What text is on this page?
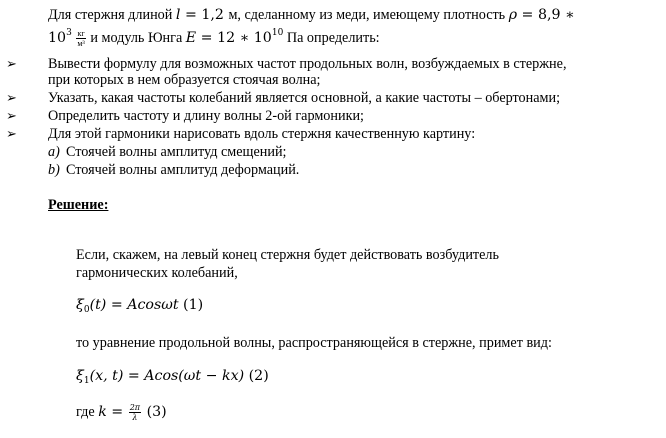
Для стержня длиной l = 1,2 м, сделанному из меди, имеющему плотность ρ = 8,9 ∗
$10^3 \frac{кг}{\text{м³}}$ и модуль Юнга E = 12 ∗ $10^{10}$ Па определить:
➢ Вывести формулу для возможных частот продольных волн, возбуждаемых в стержне,
при которых в нем образуется стоячая волна;
➢ Указать, какая частоты колебаний является основной, а какие частоты – обертонами;
➢ Определить частоту и длину волны 2-ой гармоники;
➢ Для этой гармоники нарисовать вдоль стержня качественную картину:
a) Стоячей волны амплитуд смещений;
b) Стоячей волны амплитуд деформаций.
Решение:
Если, скажем, на левый конец стержня будет действовать возбудитель
гармонических колебаний,
$\xi_0(t) = Acos\omega t$ (1)
то уравнение продольной волны, распространяющейся в стержне, примет вид:
$\xi_1(x$, t) = Acos(ωt − kx) (2)
где $k = \frac{2\pi}{\lambda} (3)$
